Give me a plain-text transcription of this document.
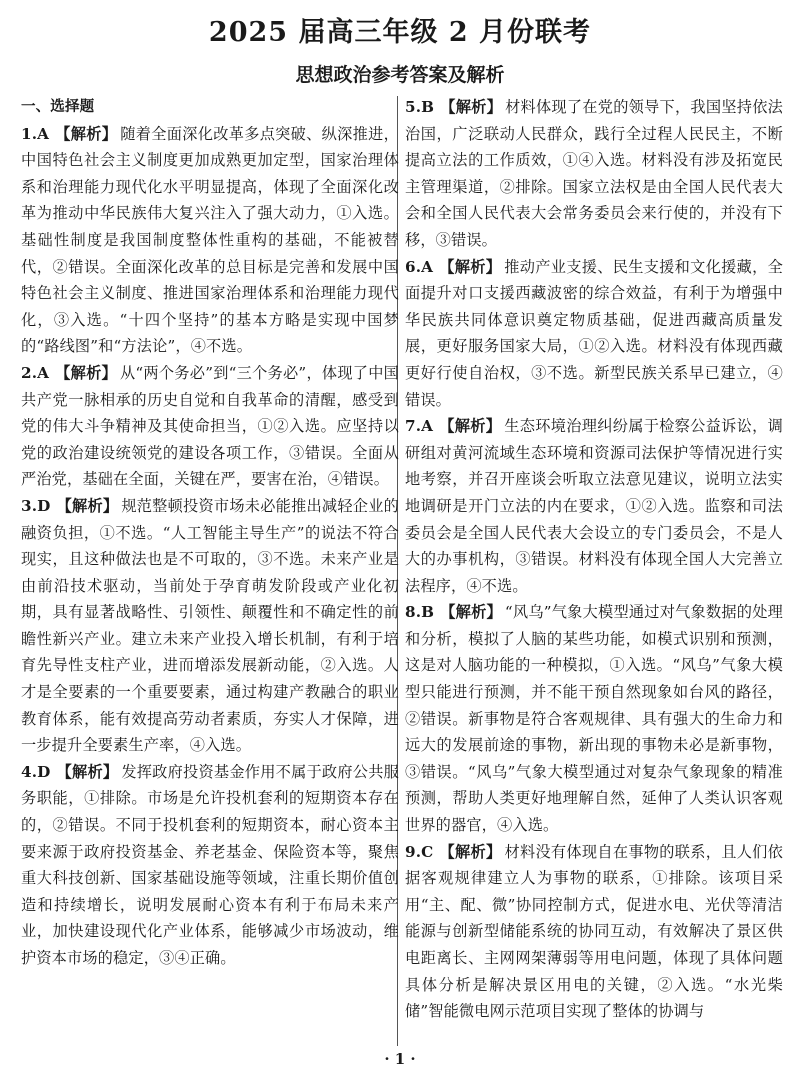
2025 届高三年级 2 月份联考
思想政治参考答案及解析
一、选择题

1.A 【解析】 随着全面深化改革多点突破、纵深推进，中国特色社会主义制度更加成熟更加定型，国家治理体系和治理能力现代化水平明显提高，体现了全面深化改革为推动中华民族伟大复兴注入了强大动力，①入选。基础性制度是我国制度整体性重构的基础，不能被替代，②错误。全面深化改革的总目标是完善和发展中国特色社会主义制度、推进国家治理体系和治理能力现代化，③入选。“十四个坚持”的基本方略是实现中国梦的“路线图”和“方法论”，④不选。

2.A 【解析】 从“两个务必”到“三个务必”，体现了中国共产党一脉相承的历史自觉和自我革命的清醒，感受到党的伟大斗争精神及其使命担当，①②入选。应坚持以党的政治建设统领党的建设各项工作，③错误。全面从严治党，基础在全面，关键在严，要害在治，④错误。

3.D 【解析】 规范整顿投资市场未必能推出减轻企业的融资负担，①不选。“人工智能主导生产”的说法不符合现实，且这种做法也是不可取的，③不选。未来产业是由前沿技术驱动，当前处于孕育萌发阶段或产业化初期，具有显著战略性、引领性、颠覆性和不确定性的前瞻性新兴产业。建立未来产业投入增长机制，有利于培育先导性支柱产业，进而增添发展新动能，②入选。人才是全要素的一个重要要素，通过构建产教融合的职业教育体系，能有效提高劳动者素质，夯实人才保障，进一步提升全要素生产率，④入选。

4.D 【解析】 发挥政府投资基金作用不属于政府公共服务职能，①排除。市场是允许投机套利的短期资本存在的，②错误。不同于投机套利的短期资本，耐心资本主要来源于政府投资基金、养老基金、保险资本等，聚焦重大科技创新、国家基础设施等领域，注重长期价值创造和持续增长，说明发展耐心资本有利于布局未来产业，加快建设现代化产业体系，能够减少市场波动，维护资本市场的稳定，③④正确。

5.B 【解析】 材料体现了在党的领导下，我国坚持依法治国，广泛联动人民群众，践行全过程人民民主，不断提高立法的工作质效，①④入选。材料没有涉及拓宽民主管理渠道，②排除。国家立法权是由全国人民代表大会和全国人民代表大会常务委员会来行使的，并没有下移，③错误。

6.A 【解析】 推动产业支援、民生支援和文化援藏，全面提升对口支援西藏波密的综合效益，有利于为增强中华民族共同体意识奠定物质基础，促进西藏高质量发展，更好服务国家大局，①②入选。材料没有体现西藏更好行使自治权，③不选。新型民族关系早已建立，④错误。

7.A 【解析】 生态环境治理纠纷属于检察公益诉讼，调研组对黄河流域生态环境和资源司法保护等情况进行实地考察，并召开座谈会听取立法意见建议，说明立法实地调研是开门立法的内在要求，①②入选。监察和司法委员会是全国人民代表大会设立的专门委员会，不是人大的办事机构，③错误。材料没有体现全国人大完善立法程序，④不选。

8.B 【解析】 “风乌”气象大模型通过对气象数据的处理和分析，模拟了人脑的某些功能，如模式识别和预测，这是对人脑功能的一种模拟，①入选。“风乌”气象大模型只能进行预测，并不能干预自然现象如台风的路径，②错误。新事物是符合客观规律、具有强大的生命力和远大的发展前途的事物，新出现的事物未必是新事物，③错误。“风乌”气象大模型通过对复杂气象现象的精准预测，帮助人类更好地理解自然，延伸了人类认识客观世界的器官，④入选。

9.C 【解析】 材料没有体现自在事物的联系，且人们依据客观规律建立人为事物的联系，①排除。该项目采用“主、配、微”协同控制方式，促进水电、光伏等清洁能源与创新型储能系统的协同互动，有效解决了景区供电距离长、主网网架薄弱等用电问题，体现了具体问题具体分析是解决景区用电的关键，②入选。“水光柴储”智能微电网示范项目实现了整体的协调与

· 1 ·
